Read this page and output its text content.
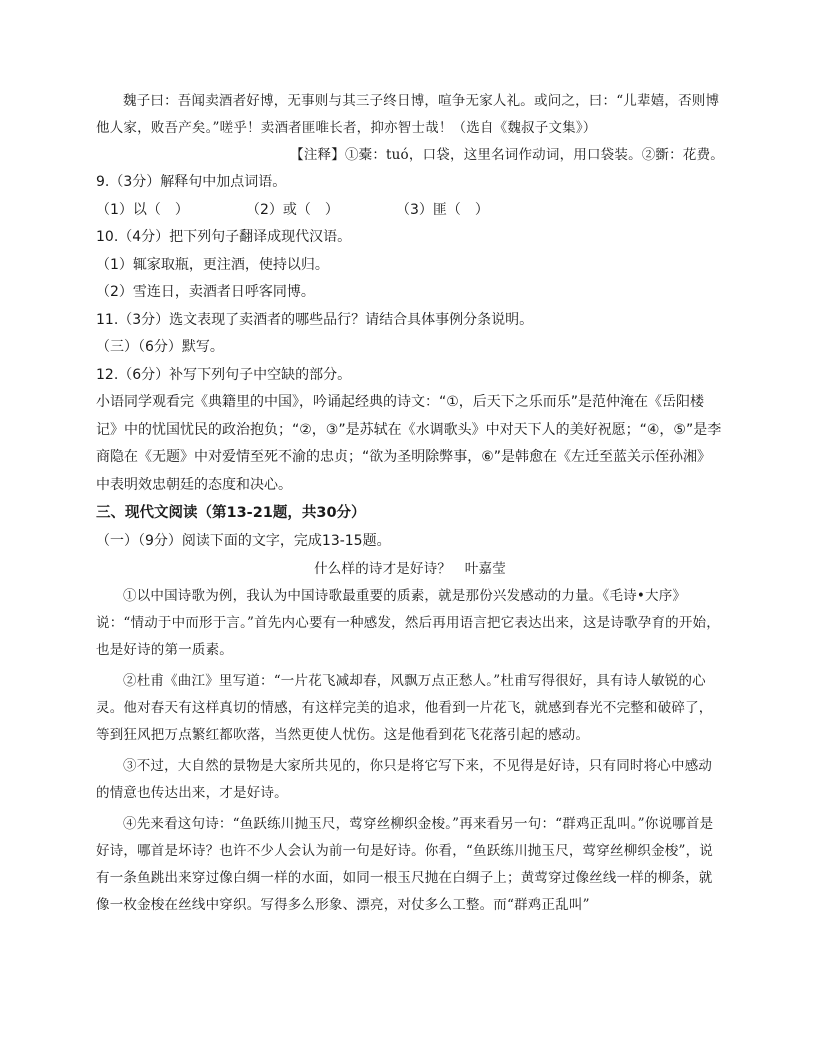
魏子曰：吾闻卖酒者好博，无事则与其三子终日博，喧争无家人礼。或问之，曰：“儿辈嬉，否则博他人家，败吾产矣。”嗟乎！卖酒者匪唯长者，抑亦智士哉！（选自《魏叔子文集》）

【注释】①橐：tuó，口袋，这里名词作动词，用口袋装。②斵：花费。

9.（3分）解释句中加点词语。

（1）以（　）	（2）或（　）	（3）匪（　）

10.（4分）把下列句子翻译成现代汉语。

（1）辄家取瓶，更注酒，使持以归。

（2）雪连日，卖酒者日呼客同博。

11.（3分）选文表现了卖酒者的哪些品行？请结合具体事例分条说明。

（三）（6分）默写。

12.（6分）补写下列句子中空缺的部分。

小语同学观看完《典籍里的中国》，吟诵起经典的诗文：“①，后天下之乐而乐”是范仲淹在《岳阳楼记》中的忧国忧民的政治抱负；“②，③”是苏轼在《水调歌头》中对天下人的美好祝愿；“④，⑤”是李商隐在《无题》中对爱情至死不渝的忠贞；“欲为圣明除弊事，⑥”是韩愈在《左迁至蓝关示侄孙湘》中表明效忠朝廷的态度和决心。

三、现代文阅读（第13-21题，共30分）

（一）（9分）阅读下面的文字，完成13-15题。

什么样的诗才是好诗？　叶嘉莹

①以中国诗歌为例，我认为中国诗歌最重要的质素，就是那份兴发感动的力量。《毛诗•大序》说：“情动于中而形于言。”首先内心要有一种感发，然后再用语言把它表达出来，这是诗歌孕育的开始，也是好诗的第一质素。

②杜甫《曲江》里写道：“一片花飞减却春，风飘万点正愁人。”杜甫写得很好，具有诗人敏锐的心灵。他对春天有这样真切的情感，有这样完美的追求，他看到一片花飞，就感到春光不完整和破碎了，等到狂风把万点繁红都吹落，当然更使人忧伤。这是他看到花飞花落引起的感动。

③不过，大自然的景物是大家所共见的，你只是将它写下来，不见得是好诗，只有同时将心中感动的情意也传达出来，才是好诗。

④先来看这句诗：“鱼跃练川抛玉尺，莺穿丝柳织金梭。”再来看另一句：“群鸡正乱叫。”你说哪首是好诗，哪首是坏诗？也许不少人会认为前一句是好诗。你看，“鱼跃练川抛玉尺，莺穿丝柳织金梭”，说有一条鱼跳出来穿过像白绸一样的水面，如同一根玉尺抛在白绸子上；黄莺穿过像丝线一样的柳条，就像一枚金梭在丝线中穿织。写得多么形象、漂亮，对仗多么工整。而“群鸡正乱叫”
